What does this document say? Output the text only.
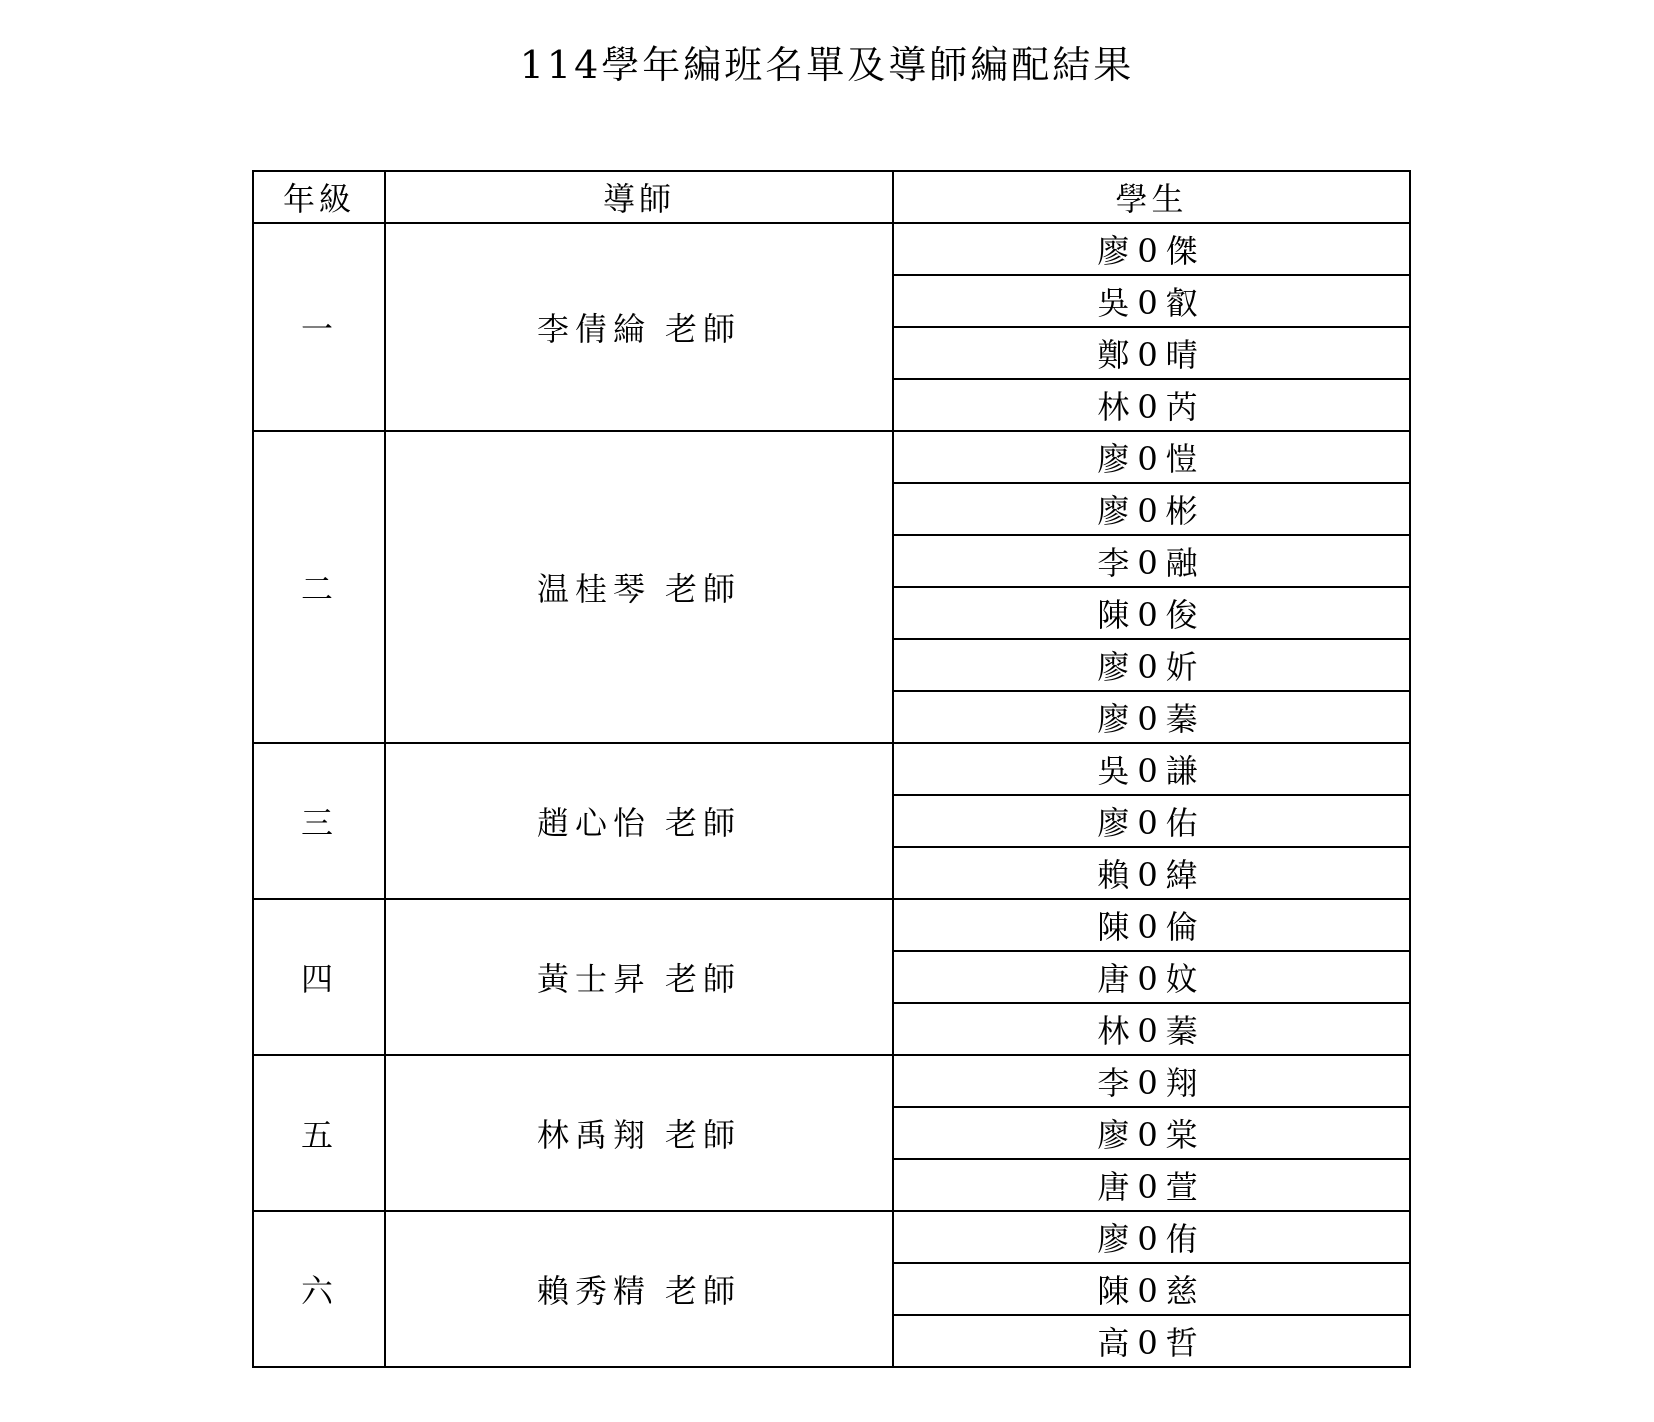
114學年編班名單及導師編配結果
年級	導師	學生
一	李倩綸 老師	廖0傑
		吳0叡
		鄭0晴
		林0芮
二	温桂琴 老師	廖0愷
		廖0彬
		李0融
		陳0俊
		廖0妡
		廖0蓁
三	趙心怡 老師	吳0謙
		廖0佑
		賴0緯
四	黃士昇 老師	陳0倫
		唐0妏
		林0蓁
五	林禹翔 老師	李0翔
		廖0棠
		唐0萱
六	賴秀精 老師	廖0侑
		陳0慈
		高0哲
